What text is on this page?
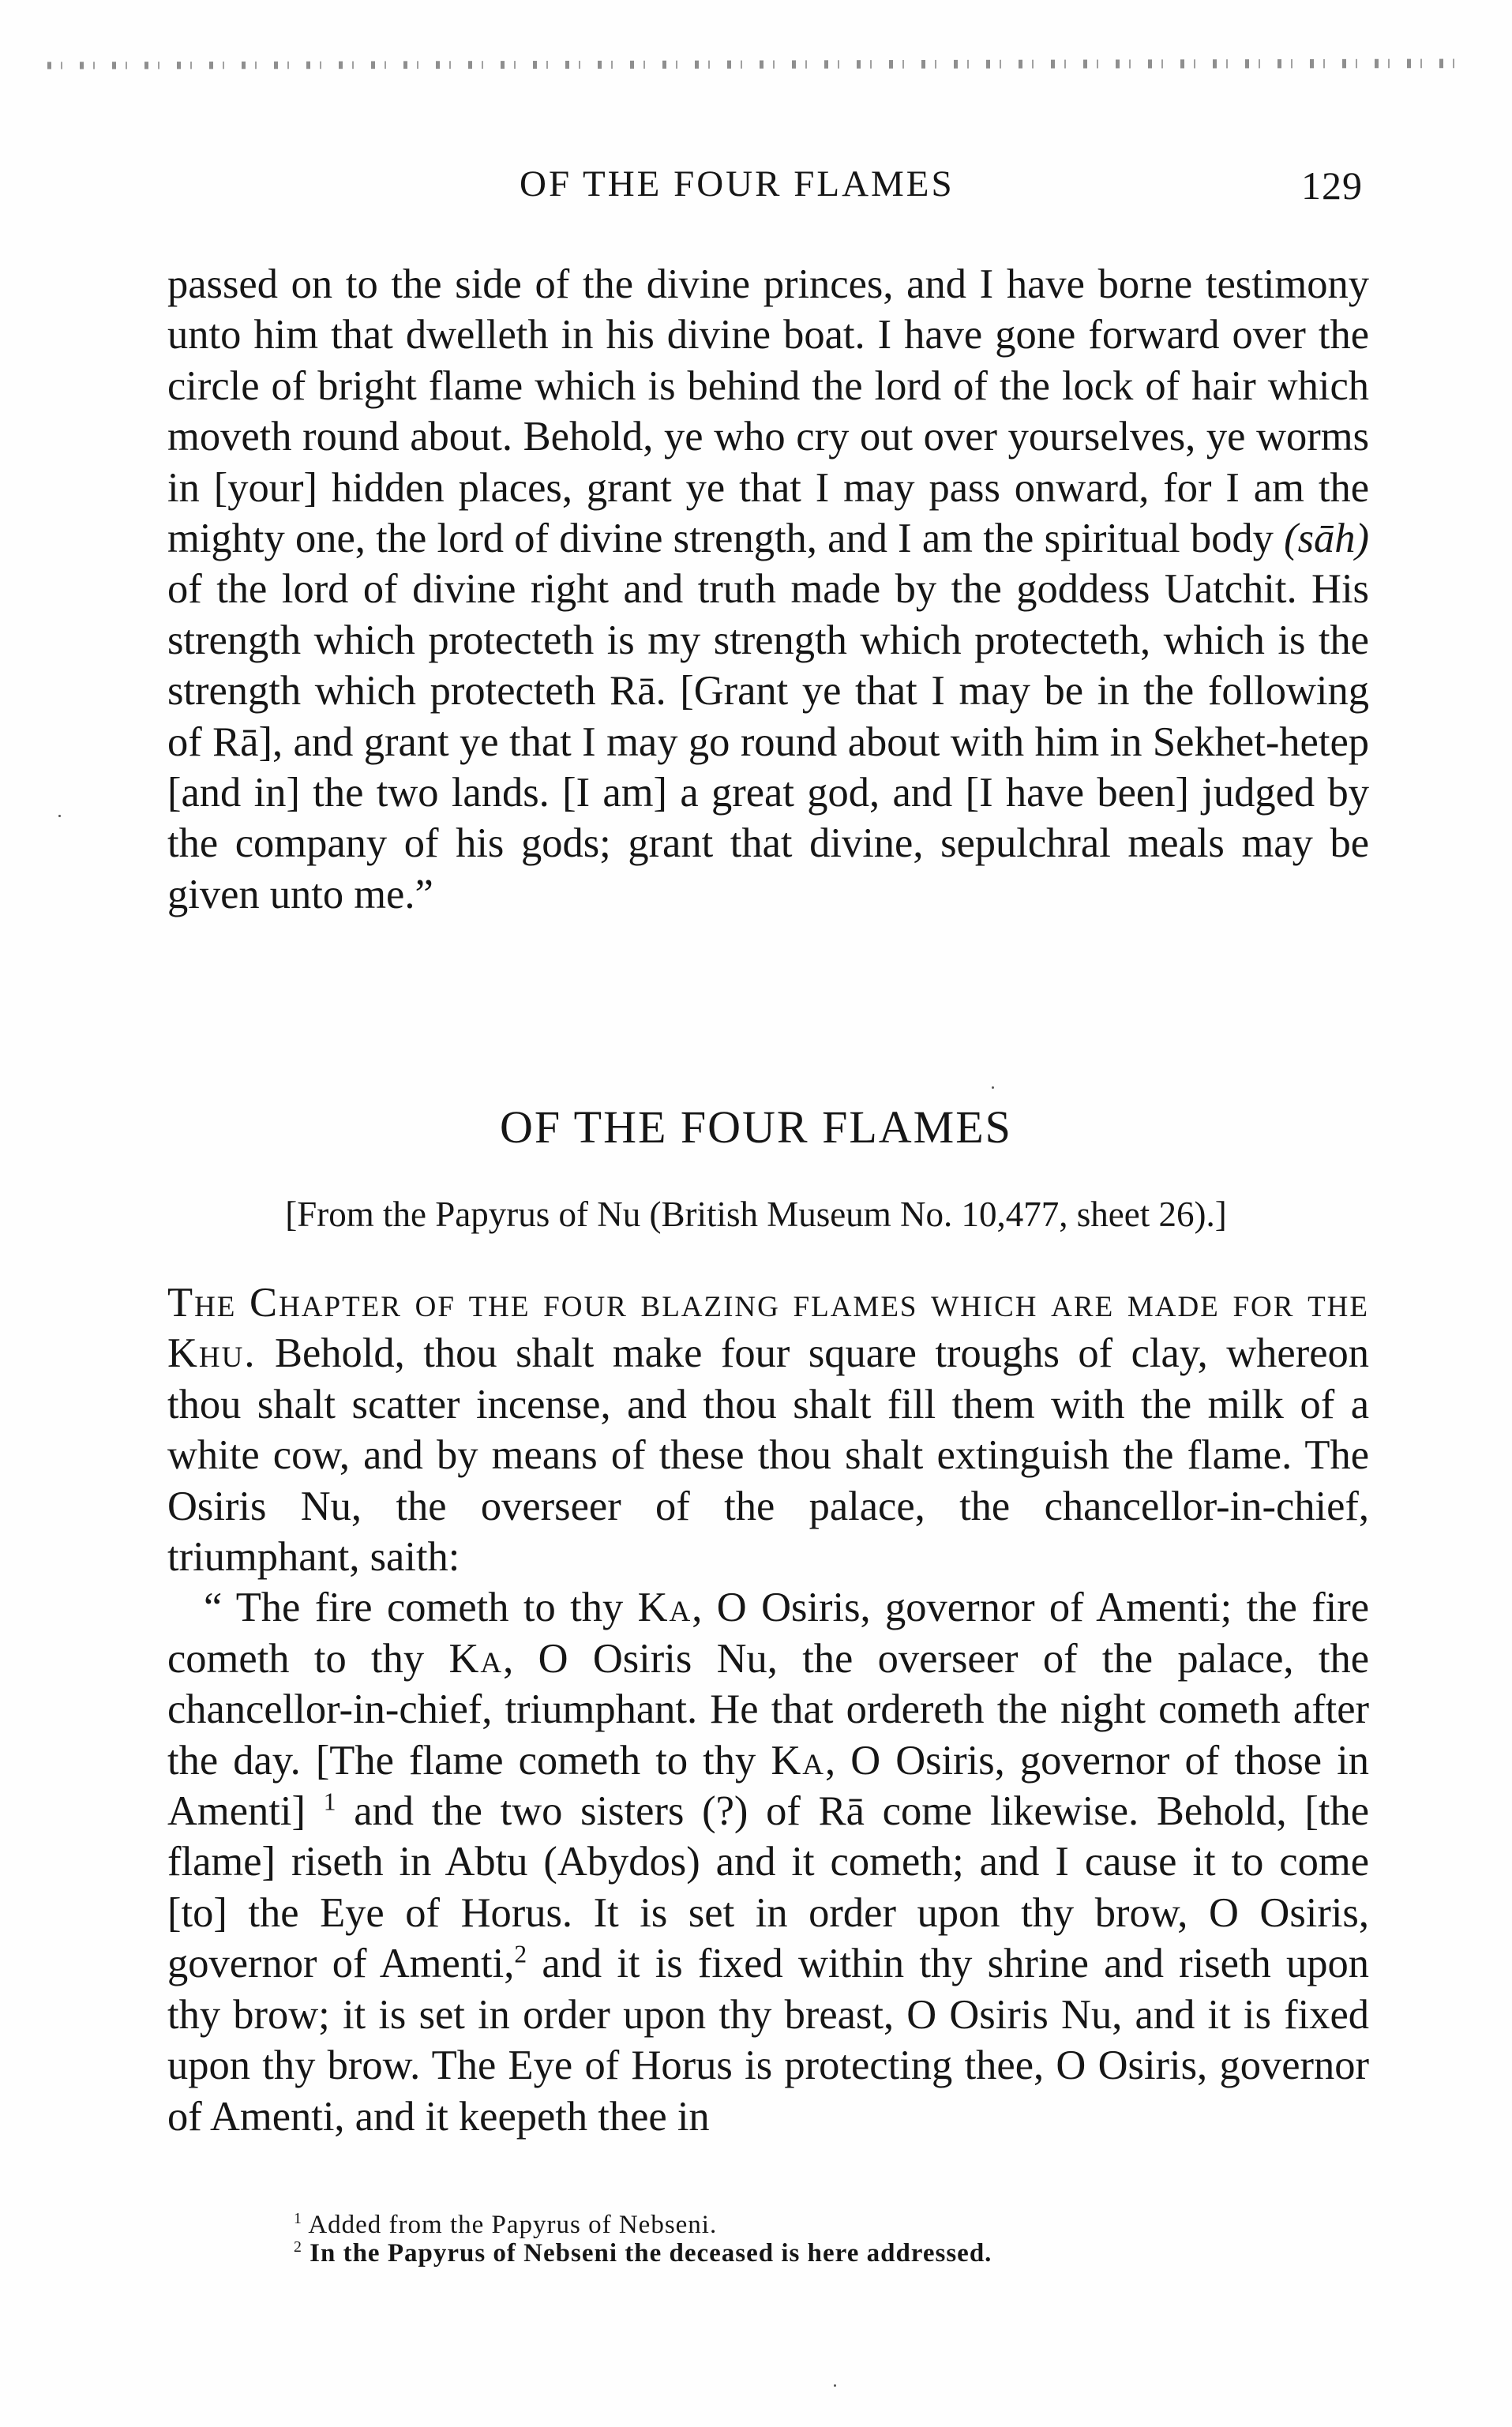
OF THE FOUR FLAMES	129

passed on to the side of the divine princes, and I have borne testimony unto him that dwelleth in his divine boat. I have gone forward over the circle of bright flame which is behind the lord of the lock of hair which moveth round about. Behold, ye who cry out over yourselves, ye worms in [your] hidden places, grant ye that I may pass onward, for I am the mighty one, the lord of divine strength, and I am the spiritual body (sāh) of the lord of divine right and truth made by the goddess Uatchit. His strength which protecteth is my strength which protecteth, which is the strength which protecteth Rā. [Grant ye that I may be in the following of Rā], and grant ye that I may go round about with him in Sekhet-hetep [and in] the two lands. [I am] a great god, and [I have been] judged by the company of his gods; grant that divine, sepulchral meals may be given unto me.”

OF THE FOUR FLAMES
[From the Papyrus of Nu (British Museum No. 10,477, sheet 26).]

The Chapter of the four blazing flames which are made for the Khu. Behold, thou shalt make four square troughs of clay, whereon thou shalt scatter incense, and thou shalt fill them with the milk of a white cow, and by means of these thou shalt extinguish the flame. The Osiris Nu, the overseer of the palace, the chancellor-in-chief, triumphant, saith:

“ The fire cometh to thy Ka, O Osiris, governor of Amenti; the fire cometh to thy Ka, O Osiris Nu, the overseer of the palace, the chancellor-in-chief, triumphant. He that ordereth the night cometh after the day. [The flame cometh to thy Ka, O Osiris, governor of those in Amenti] $^1$ and the two sisters (?) of Rā come likewise. Behold, [the flame] riseth in Abtu (Abydos) and it cometh; and I cause it to come [to] the Eye of Horus. It is set in order upon thy brow, O Osiris, governor of Amenti,$^2$ and it is fixed within thy shrine and riseth upon thy brow; it is set in order upon thy breast, O Osiris Nu, and it is fixed upon thy brow. The Eye of Horus is protecting thee, O Osiris, governor of Amenti, and it keepeth thee in

$^1$ Added from the Papyrus of Nebseni.
$^2$ In the Papyrus of Nebseni the deceased is here addressed.
